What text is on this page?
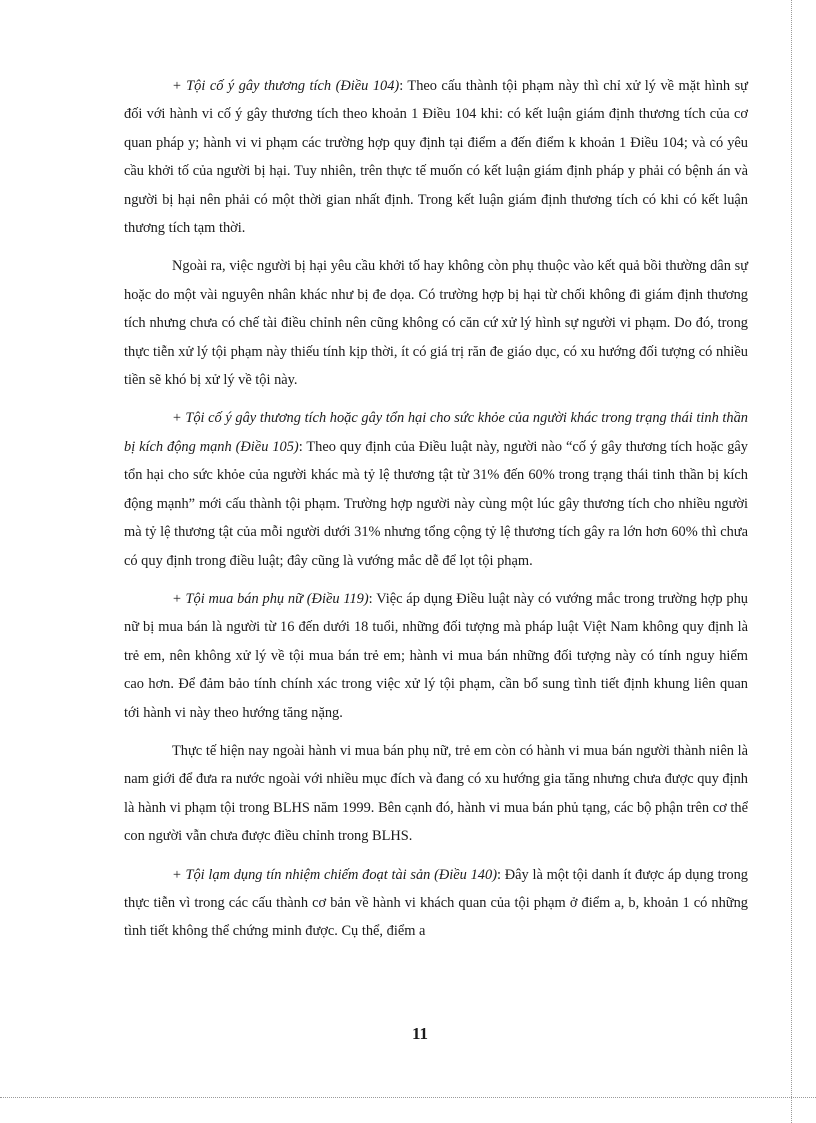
+ Tội cố ý gây thương tích (Điều 104): Theo cấu thành tội phạm này thì chỉ xử lý về mặt hình sự đối với hành vi cố ý gây thương tích theo khoản 1 Điều 104 khi: có kết luận giám định thương tích của cơ quan pháp y; hành vi vi phạm các trường hợp quy định tại điểm a đến điểm k khoản 1 Điều 104; và có yêu cầu khởi tố của người bị hại. Tuy nhiên, trên thực tế muốn có kết luận giám định pháp y phải có bệnh án và người bị hại nên phải có một thời gian nhất định. Trong kết luận giám định thương tích có khi có kết luận thương tích tạm thời.

Ngoài ra, việc người bị hại yêu cầu khởi tố hay không còn phụ thuộc vào kết quả bồi thường dân sự hoặc do một vài nguyên nhân khác như bị đe dọa. Có trường hợp bị hại từ chối không đi giám định thương tích nhưng chưa có chế tài điều chỉnh nên cũng không có căn cứ xử lý hình sự người vi phạm. Do đó, trong thực tiễn xử lý tội phạm này thiếu tính kịp thời, ít có giá trị răn đe giáo dục, có xu hướng đối tượng có nhiều tiền sẽ khó bị xử lý về tội này.

+ Tội cố ý gây thương tích hoặc gây tổn hại cho sức khỏe của người khác trong trạng thái tinh thần bị kích động mạnh (Điều 105): Theo quy định của Điều luật này, người nào “cố ý gây thương tích hoặc gây tổn hại cho sức khỏe của người khác mà tỷ lệ thương tật từ 31% đến 60% trong trạng thái tinh thần bị kích động mạnh” mới cấu thành tội phạm. Trường hợp người này cùng một lúc gây thương tích cho nhiều người mà tỷ lệ thương tật của mỗi người dưới 31% nhưng tổng cộng tỷ lệ thương tích gây ra lớn hơn 60% thì chưa có quy định trong điều luật; đây cũng là vướng mắc dễ để lọt tội phạm.

+ Tội mua bán phụ nữ (Điều 119): Việc áp dụng Điều luật này có vướng mắc trong trường hợp phụ nữ bị mua bán là người từ 16 đến dưới 18 tuổi, những đối tượng mà pháp luật Việt Nam không quy định là trẻ em, nên không xử lý về tội mua bán trẻ em; hành vi mua bán những đối tượng này có tính nguy hiểm cao hơn. Để đảm bảo tính chính xác trong việc xử lý tội phạm, cần bổ sung tình tiết định khung liên quan tới hành vi này theo hướng tăng nặng.

Thực tế hiện nay ngoài hành vi mua bán phụ nữ, trẻ em còn có hành vi mua bán người thành niên là nam giới để đưa ra nước ngoài với nhiều mục đích và đang có xu hướng gia tăng nhưng chưa được quy định là hành vi phạm tội trong BLHS năm 1999. Bên cạnh đó, hành vi mua bán phủ tạng, các bộ phận trên cơ thể con người vẫn chưa được điều chỉnh trong BLHS.

+ Tội lạm dụng tín nhiệm chiếm đoạt tài sản (Điều 140): Đây là một tội danh ít được áp dụng trong thực tiễn vì trong các cấu thành cơ bản về hành vi khách quan của tội phạm ở điểm a, b, khoản 1 có những tình tiết không thể chứng minh được. Cụ thể, điểm a

11
